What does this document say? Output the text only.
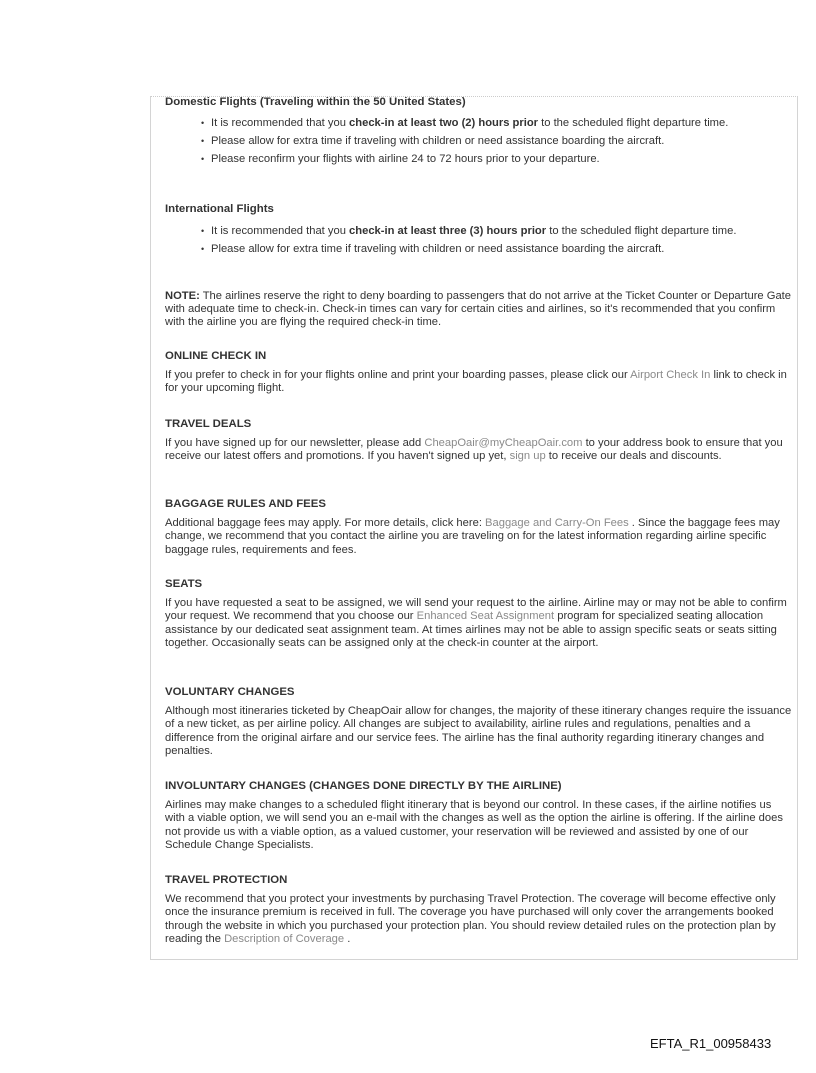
Domestic Flights (Traveling within the 50 United States)

• It is recommended that you check-in at least two (2) hours prior to the scheduled flight departure time.
• Please allow for extra time if traveling with children or need assistance boarding the aircraft.
• Please reconfirm your flights with airline 24 to 72 hours prior to your departure.

International Flights

• It is recommended that you check-in at least three (3) hours prior to the scheduled flight departure time.
• Please allow for extra time if traveling with children or need assistance boarding the aircraft.

NOTE: The airlines reserve the right to deny boarding to passengers that do not arrive at the Ticket Counter or Departure Gate with adequate time to check-in. Check-in times can vary for certain cities and airlines, so it's recommended that you confirm with the airline you are flying the required check-in time.

ONLINE CHECK IN

If you prefer to check in for your flights online and print your boarding passes, please click our Airport Check In link to check in for your upcoming flight.

TRAVEL DEALS

If you have signed up for our newsletter, please add CheapOair@myCheapOair.com to your address book to ensure that you receive our latest offers and promotions. If you haven't signed up yet, sign up to receive our deals and discounts.

BAGGAGE RULES AND FEES

Additional baggage fees may apply. For more details, click here: Baggage and Carry-On Fees . Since the baggage fees may change, we recommend that you contact the airline you are traveling on for the latest information regarding airline specific baggage rules, requirements and fees.

SEATS

If you have requested a seat to be assigned, we will send your request to the airline. Airline may or may not be able to confirm your request. We recommend that you choose our Enhanced Seat Assignment program for specialized seating allocation assistance by our dedicated seat assignment team. At times airlines may not be able to assign specific seats or seats sitting together. Occasionally seats can be assigned only at the check-in counter at the airport.

VOLUNTARY CHANGES

Although most itineraries ticketed by CheapOair allow for changes, the majority of these itinerary changes require the issuance of a new ticket, as per airline policy. All changes are subject to availability, airline rules and regulations, penalties and a difference from the original airfare and our service fees. The airline has the final authority regarding itinerary changes and penalties.

INVOLUNTARY CHANGES (CHANGES DONE DIRECTLY BY THE AIRLINE)

Airlines may make changes to a scheduled flight itinerary that is beyond our control. In these cases, if the airline notifies us with a viable option, we will send you an e-mail with the changes as well as the option the airline is offering. If the airline does not provide us with a viable option, as a valued customer, your reservation will be reviewed and assisted by one of our Schedule Change Specialists.

TRAVEL PROTECTION

We recommend that you protect your investments by purchasing Travel Protection. The coverage will become effective only once the insurance premium is received in full. The coverage you have purchased will only cover the arrangements booked through the website in which you purchased your protection plan. You should review detailed rules on the protection plan by reading the Description of Coverage .

EFTA_R1_00958433
